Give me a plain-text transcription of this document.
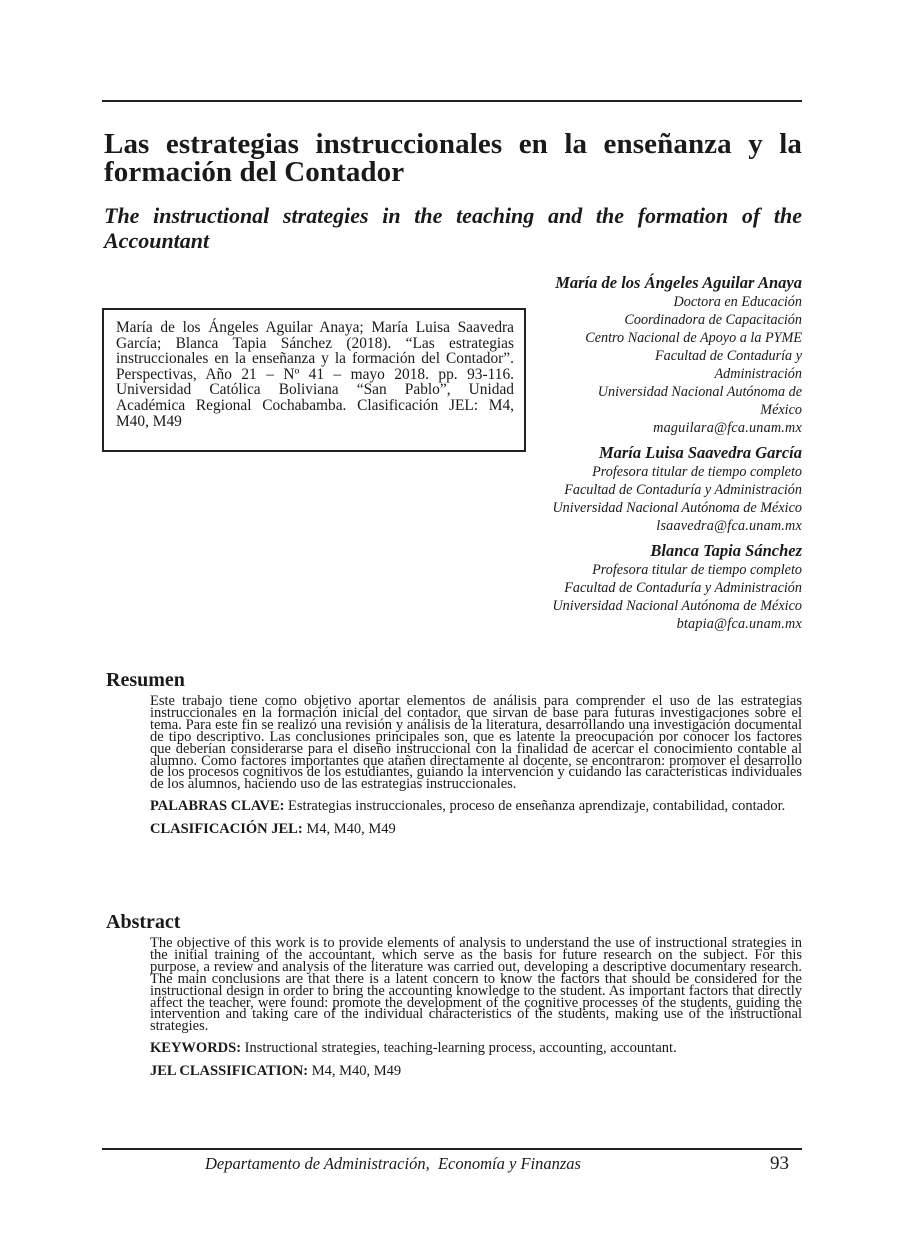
Las estrategias instruccionales en la enseñanza y la formación del Contador
The instructional strategies in the teaching and the formation of the Accountant
María de los Ángeles Aguilar Anaya; María Luisa Saavedra García; Blanca Tapia Sánchez (2018). “Las estrategias instruccionales en la enseñanza y la formación del Contador”. Perspectivas, Año 21 – Nº 41 – mayo 2018. pp. 93-116. Universidad Católica Boliviana “San Pablo”, Unidad Académica Regional Cochabamba. Clasificación JEL: M4, M40, M49
María de los Ángeles Aguilar Anaya
Doctora en Educación
Coordinadora de Capacitación
Centro Nacional de Apoyo a la PYME
Facultad de Contaduría y
Administración
Universidad Nacional Autónoma de
México
maguilara@fca.unam.mx
María Luisa Saavedra García
Profesora titular de tiempo completo
Facultad de Contaduría y Administración
Universidad Nacional Autónoma de México
lsaavedra@fca.unam.mx
Blanca Tapia Sánchez
Profesora titular de tiempo completo
Facultad de Contaduría y Administración
Universidad Nacional Autónoma de México
btapia@fca.unam.mx
Resumen

Este trabajo tiene como objetivo aportar elementos de análisis para comprender el uso de las estrategias instruccionales en la formación inicial del contador, que sirvan de base para futuras investigaciones sobre el tema. Para este fin se realizó una revisión y análisis de la literatura, desarrollando una investigación documental de tipo descriptivo. Las conclusiones principales son, que es latente la preocupación por conocer los factores que deberían considerarse para el diseño instruccional con la finalidad de acercar el conocimiento contable al alumno. Como factores importantes que atañen directamente al docente, se encontraron: promover el desarrollo de los procesos cognitivos de los estudiantes, guiando la intervención y cuidando las características individuales de los alumnos, haciendo uso de las estrategias instruccionales.

PALABRAS CLAVE: Estrategias instruccionales, proceso de enseñanza aprendizaje, contabilidad, contador.

CLASIFICACIÓN JEL: M4, M40, M49

Abstract

The objective of this work is to provide elements of analysis to understand the use of instructional strategies in the initial training of the accountant, which serve as the basis for future research on the subject. For this purpose, a review and analysis of the literature was carried out, developing a descriptive documentary research. The main conclusions are that there is a latent concern to know the factors that should be considered for the instructional design in order to bring the accounting knowledge to the student. As important factors that directly affect the teacher, were found: promote the development of the cognitive processes of the students, guiding the intervention and taking care of the individual characteristics of the students, making use of the instructional strategies.

KEYWORDS: Instructional strategies, teaching-learning process, accounting, accountant.

JEL CLASSIFICATION: M4, M40, M49

Departamento de Administración,  Economía y Finanzas	93
